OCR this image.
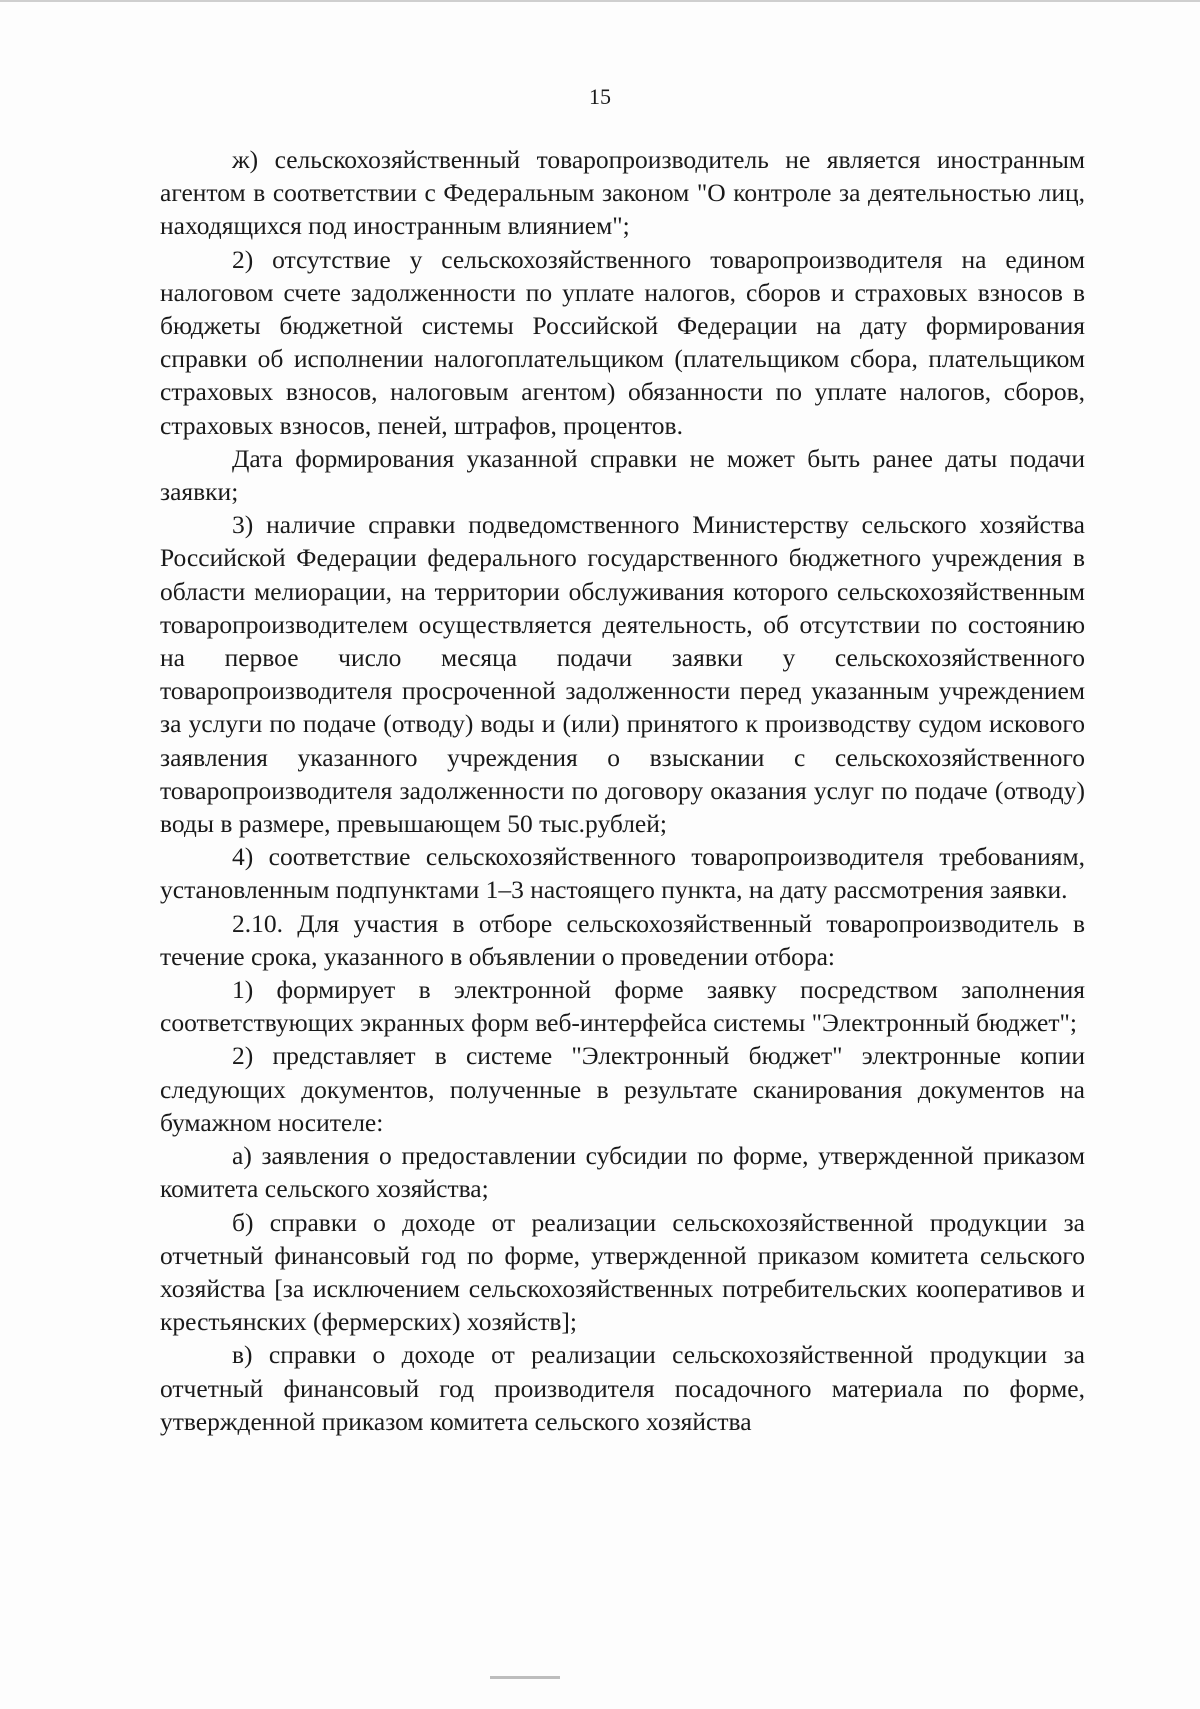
15

ж) сельскохозяйственный товаропроизводитель не является иностранным агентом в соответствии с Федеральным законом "О контроле за деятельностью лиц, находящихся под иностранным влиянием";

2) отсутствие у сельскохозяйственного товаропроизводителя на едином налоговом счете задолженности по уплате налогов, сборов и страховых взносов в бюджеты бюджетной системы Российской Федерации на дату формирования справки об исполнении налогоплательщиком (плательщиком сбора, плательщиком страховых взносов, налоговым агентом) обязанности по уплате налогов, сборов, страховых взносов, пеней, штрафов, процентов.

Дата формирования указанной справки не может быть ранее даты подачи заявки;

3) наличие справки подведомственного Министерству сельского хозяйства Российской Федерации федерального государственного бюджетного учреждения в области мелиорации, на территории обслуживания которого сельскохозяйственным товаропроизводителем осуществляется деятельность, об отсутствии по состоянию на первое число месяца подачи заявки у сельскохозяйственного товаропроизводителя просроченной задолженности перед указанным учреждением за услуги по подаче (отводу) воды и (или) принятого к производству судом искового заявления указанного учреждения о взыскании с сельскохозяйственного товаропроизводителя задолженности по договору оказания услуг по подаче (отводу) воды в размере, превышающем 50 тыс.рублей;

4) соответствие сельскохозяйственного товаропроизводителя требованиям, установленным подпунктами 1–3 настоящего пункта, на дату рассмотрения заявки.

2.10. Для участия в отборе сельскохозяйственный товаропроизводитель в течение срока, указанного в объявлении о проведении отбора:

1) формирует в электронной форме заявку посредством заполнения соответствующих экранных форм веб-интерфейса системы "Электронный бюджет";

2) представляет в системе "Электронный бюджет" электронные копии следующих документов, полученные в результате сканирования документов на бумажном носителе:

а) заявления о предоставлении субсидии по форме, утвержденной приказом комитета сельского хозяйства;

б) справки о доходе от реализации сельскохозяйственной продукции за отчетный финансовый год по форме, утвержденной приказом комитета сельского хозяйства [за исключением сельскохозяйственных потребительских кооперативов и крестьянских (фермерских) хозяйств];

в) справки о доходе от реализации сельскохозяйственной продукции за отчетный финансовый год производителя посадочного материала по форме, утвержденной приказом комитета сельского хозяйства
